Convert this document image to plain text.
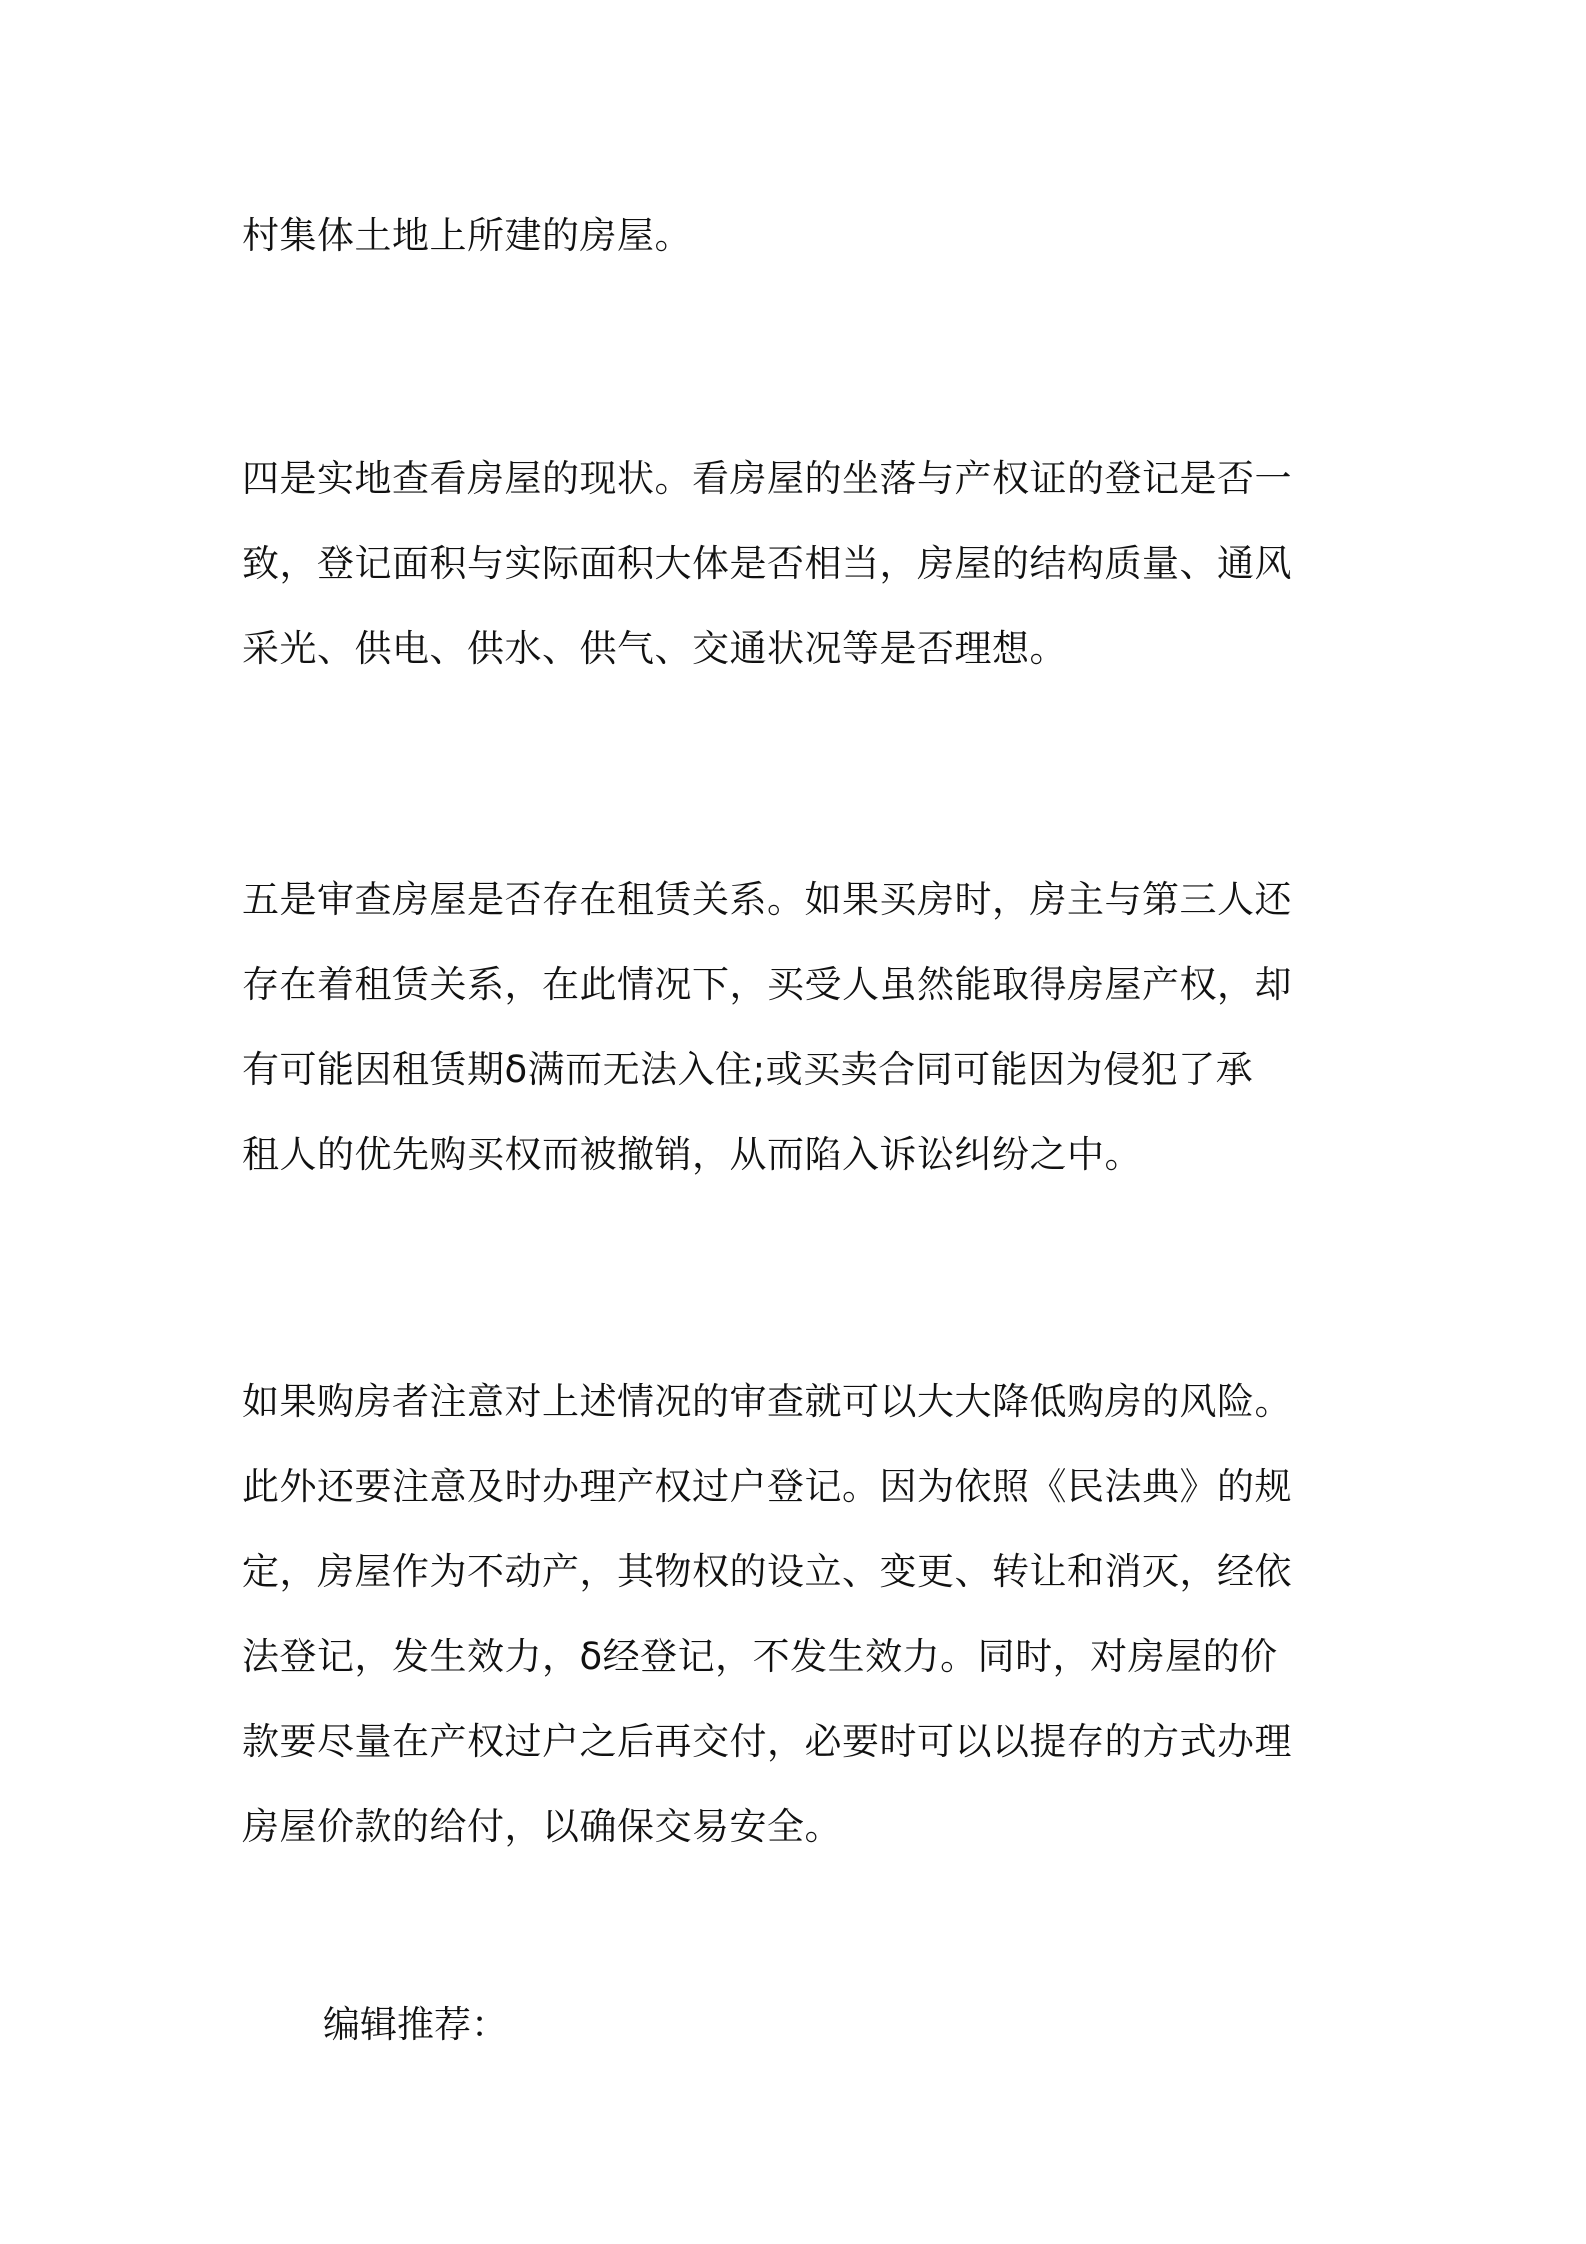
村集体土地上所建的房屋。
四是实地查看房屋的现状。看房屋的坐落与产权证的登记是否一
致，登记面积与实际面积大体是否相当，房屋的结构质量、通风
采光、供电、供水、供气、交通状况等是否理想。
五是审查房屋是否存在租赁关系。如果买房时，房主与第三人还
存在着租赁关系，在此情况下，买受人虽然能取得房屋产权，却
有可能因租赁期δ满而无法入住;或买卖合同可能因为侵犯了承
租人的优先购买权而被撤销，从而陷入诉讼纠纷之中。
如果购房者注意对上述情况的审查就可以大大降低购房的风险。
此外还要注意及时办理产权过户登记。因为依照《民法典》的规
定，房屋作为不动产，其物权的设立、变更、转让和消灭，经依
法登记，发生效力，δ经登记，不发生效力。同时，对房屋的价
款要尽量在产权过户之后再交付，必要时可以以提存的方式办理
房屋价款的给付，以确保交易安全。
编辑推荐：
